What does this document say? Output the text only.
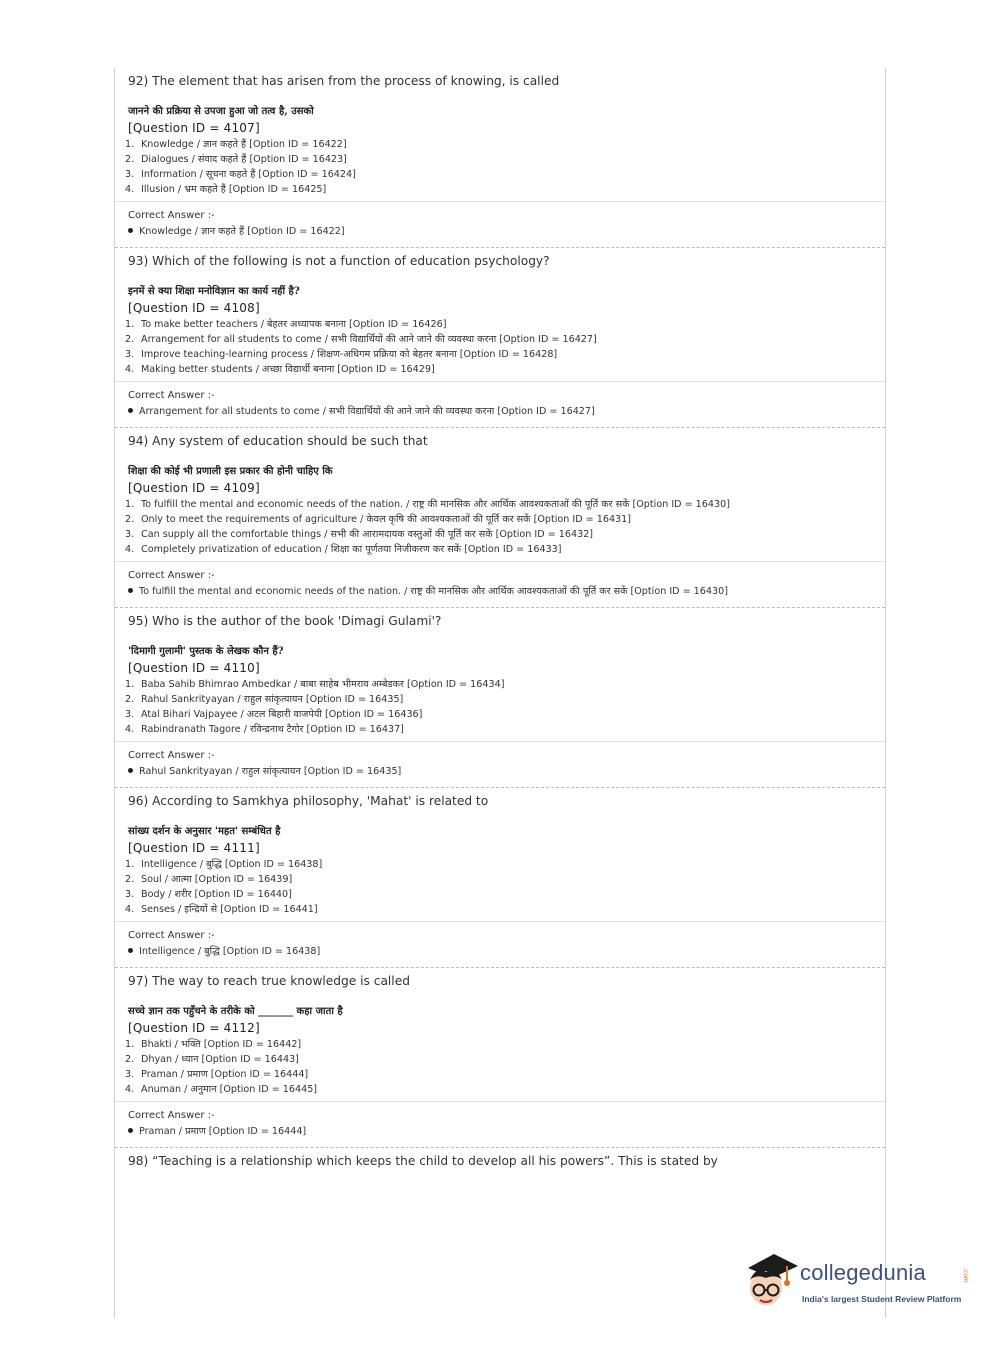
92) The element that has arisen from the process of knowing, is called
जानने की प्रक्रिया से उपजा हुआ जो तत्व है, उसको
[Question ID = 4107]
1. Knowledge / ज्ञान कहते हैं [Option ID = 16422]
2. Dialogues / संवाद कहते हैं [Option ID = 16423]
3. Information / सूचना कहते हैं [Option ID = 16424]
4. Illusion / भ्रम कहते हैं [Option ID = 16425]
Correct Answer :-
Knowledge / ज्ञान कहते हैं [Option ID = 16422]
93) Which of the following is not a function of education psychology?
इनमें से क्या शिक्षा मनोविज्ञान का कार्य नहीं है?
[Question ID = 4108]
1. To make better teachers / बेहतर अध्यापक बनाना [Option ID = 16426]
2. Arrangement for all students to come / सभी विद्यार्थियों की आने जाने की व्यवस्था करना [Option ID = 16427]
3. Improve teaching-learning process / शिक्षण-अधिगम प्रक्रिया को बेहतर बनाना [Option ID = 16428]
4. Making better students / अच्छा विद्यार्थी बनाना [Option ID = 16429]
Correct Answer :-
Arrangement for all students to come / सभी विद्यार्थियों की आने जाने की व्यवस्था करना [Option ID = 16427]
94) Any system of education should be such that
शिक्षा की कोई भी प्रणाली इस प्रकार की होनी चाहिए कि
[Question ID = 4109]
1. To fulfill the mental and economic needs of the nation. / राष्ट्र की मानसिक और आर्थिक आवश्यकताओं की पूर्ति कर सकें [Option ID = 16430]
2. Only to meet the requirements of agriculture / केवल कृषि की आवश्यकताओं की पूर्ति कर सकें [Option ID = 16431]
3. Can supply all the comfortable things / सभी की आरामदायक वस्तुओं की पूर्ति कर सकें [Option ID = 16432]
4. Completely privatization of education / शिक्षा का पूर्णतया निजीकरण कर सकें [Option ID = 16433]
Correct Answer :-
To fulfill the mental and economic needs of the nation. / राष्ट्र की मानसिक और आर्थिक आवश्यकताओं की पूर्ति कर सकें [Option ID = 16430]
95) Who is the author of the book 'Dimagi Gulami'?
'दिमागी गुलामी' पुस्तक के लेखक कौन हैं?
[Question ID = 4110]
1. Baba Sahib Bhimrao Ambedkar / बाबा साहेब भीमराव अम्बेडकर [Option ID = 16434]
2. Rahul Sankrityayan / राहुल सांकृत्यायन [Option ID = 16435]
3. Atal Bihari Vajpayee / अटल बिहारी वाजपेयी [Option ID = 16436]
4. Rabindranath Tagore / रविन्द्रनाथ टैगोर [Option ID = 16437]
Correct Answer :-
Rahul Sankrityayan / राहुल सांकृत्यायन [Option ID = 16435]
96) According to Samkhya philosophy, 'Mahat' is related to
सांख्य दर्शन के अनुसार 'महत' सम्बंधित है
[Question ID = 4111]
1. Intelligence / बुद्धि [Option ID = 16438]
2. Soul / आत्मा [Option ID = 16439]
3. Body / शरीर [Option ID = 16440]
4. Senses / इन्द्रियों से [Option ID = 16441]
Correct Answer :-
Intelligence / बुद्धि [Option ID = 16438]
97) The way to reach true knowledge is called
सच्चे ज्ञान तक पहुँचने के तरीके को _______ कहा जाता है
[Question ID = 4112]
1. Bhakti / भक्ति [Option ID = 16442]
2. Dhyan / ध्यान [Option ID = 16443]
3. Praman / प्रमाण [Option ID = 16444]
4. Anuman / अनुमान [Option ID = 16445]
Correct Answer :-
Praman / प्रमाण [Option ID = 16444]
98) “Teaching is a relationship which keeps the child to develop all his powers”. This is stated by
collegedunia	.com
India's largest Student Review Platform
